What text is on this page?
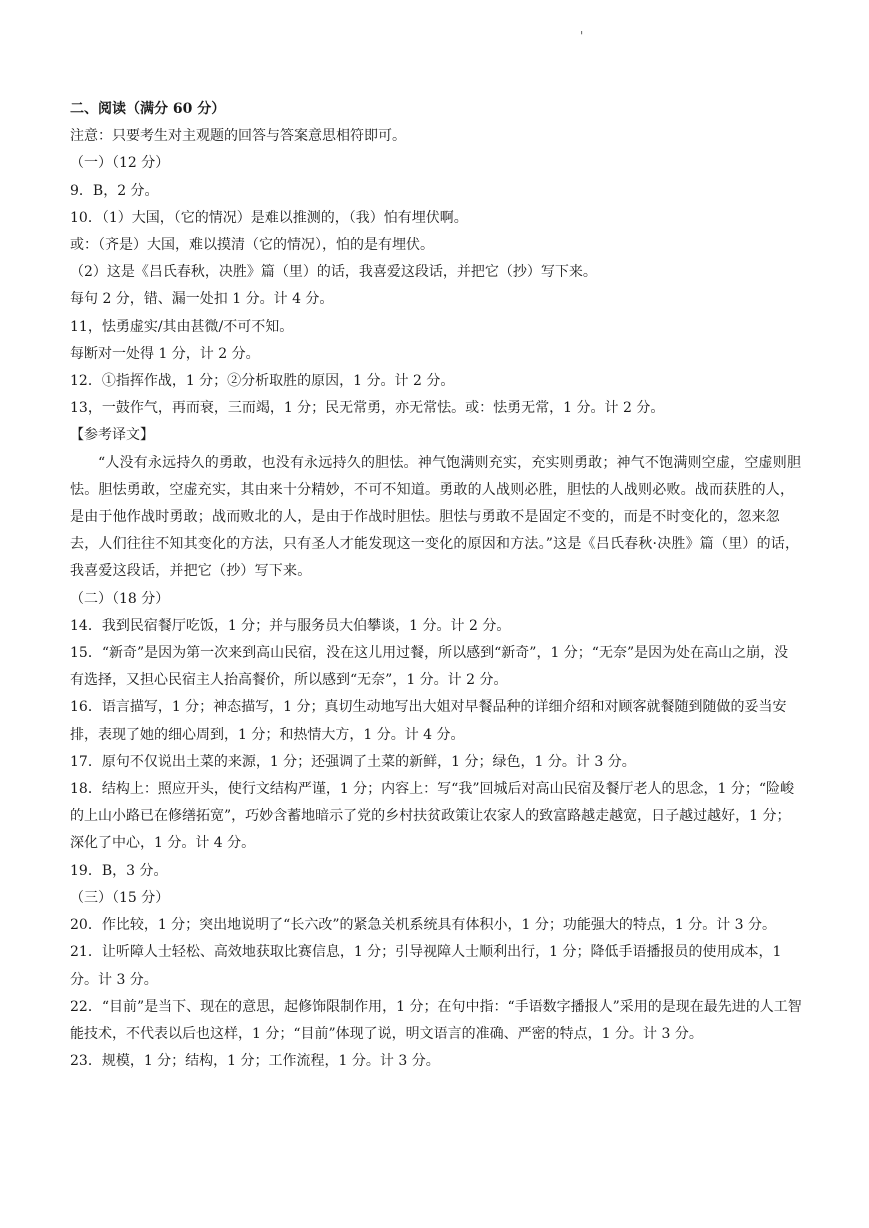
'

二、阅读（满分 60 分）

注意：只要考生对主观题的回答与答案意思相符即可。

（一）（12 分）

9．B，2 分。

10．（1）大国，（它的情况）是难以推测的，（我）怕有埋伏啊。

或：（齐是）大国，难以摸清（它的情况），怕的是有埋伏。

（2）这是《吕氏春秋，决胜》篇（里）的话，我喜爱这段话，并把它（抄）写下来。

每句 2 分，错、漏一处扣 1 分。计 4 分。

11，怯勇虚实/其由甚微/不可不知。

每断对一处得 1 分，计 2 分。

12．①指挥作战，1 分；②分析取胜的原因，1 分。计 2 分。

13，一鼓作气，再而衰，三而竭，1 分；民无常勇，亦无常怯。或：怯勇无常，1 分。计 2 分。

【参考译文】

“人没有永远持久的勇敢，也没有永远持久的胆怯。神气饱满则充实，充实则勇敢；神气不饱满则空虚，空虚则胆怯。胆怯勇敢，空虚充实，其由来十分精妙，不可不知道。勇敢的人战则必胜，胆怯的人战则必败。战而获胜的人，是由于他作战时勇敢；战而败北的人，是由于作战时胆怯。胆怯与勇敢不是固定不变的，而是不时变化的，忽来忽去，人们往往不知其变化的方法，只有圣人才能发现这一变化的原因和方法。”这是《吕氏春秋·决胜》篇（里）的话，我喜爱这段话，并把它（抄）写下来。

（二）（18 分）

14．我到民宿餐厅吃饭，1 分；并与服务员大伯攀谈，1 分。计 2 分。

15．“新奇”是因为第一次来到高山民宿，没在这儿用过餐，所以感到“新奇”，1 分；“无奈”是因为处在高山之崩，没有选择，又担心民宿主人抬高餐价，所以感到“无奈”，1 分。计 2 分。

16．语言描写，1 分；神态描写，1 分；真切生动地写出大姐对早餐品种的详细介绍和对顾客就餐随到随做的妥当安排，表现了她的细心周到，1 分；和热情大方，1 分。计 4 分。

17．原句不仅说出土菜的来源，1 分；还强调了土菜的新鲜，1 分；绿色，1 分。计 3 分。

18．结构上：照应开头，使行文结构严谨，1 分；内容上：写“我”回城后对高山民宿及餐厅老人的思念，1 分；“险峻的上山小路已在修缮拓宽”，巧妙含蓄地暗示了党的乡村扶贫政策让农家人的致富路越走越宽，日子越过越好，1 分；深化了中心，1 分。计 4 分。

19．B，3 分。

（三）（15 分）

20．作比较，1 分；突出地说明了“长六改”的紧急关机系统具有体积小，1 分；功能强大的特点，1 分。计 3 分。

21．让听障人士轻松、高效地获取比赛信息，1 分；引导视障人士顺利出行，1 分；降低手语播报员的使用成本，1 分。计 3 分。

22．“目前”是当下、现在的意思，起修饰限制作用，1 分；在句中指：“手语数字播报人”采用的是现在最先进的人工智能技术，不代表以后也这样，1 分；“目前”体现了说，明文语言的准确、严密的特点，1 分。计 3 分。

23．规模，1 分；结构，1 分；工作流程，1 分。计 3 分。
